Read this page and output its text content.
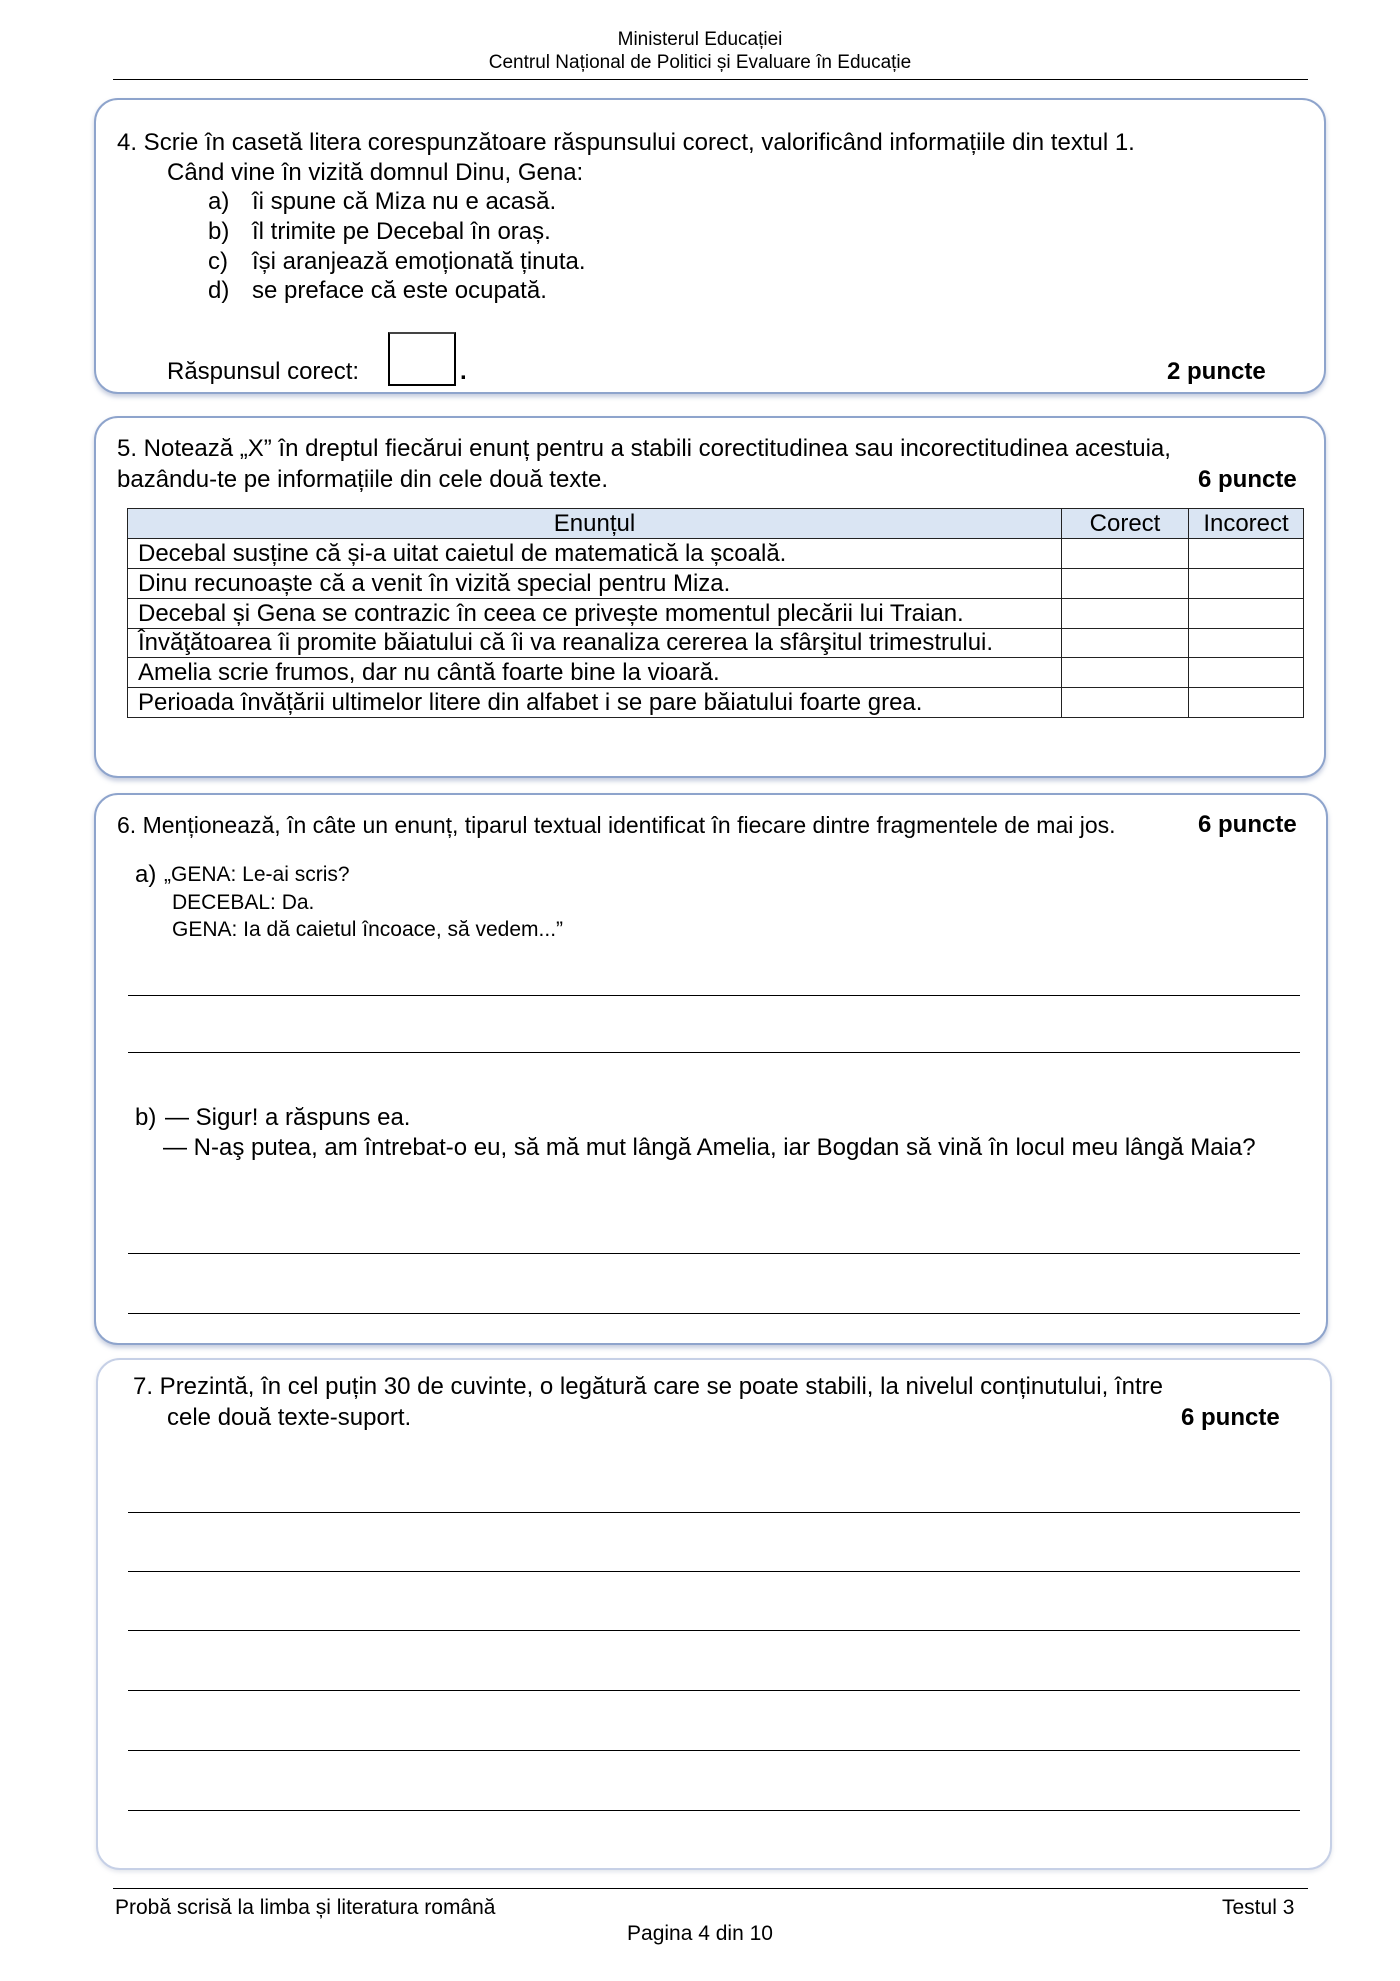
Ministerul Educației
Centrul Național de Politici și Evaluare în Educație
4. Scrie în casetă litera corespunzătoare răspunsului corect, valorificând informațiile din textul 1.
Când vine în vizită domnul Dinu, Gena:
a) îi spune că Miza nu e acasă.
b) îl trimite pe Decebal în oraș.
c) își aranjează emoționată ținuta.
d) se preface că este ocupată.
Răspunsul corect:	.	2 puncte
5. Notează „X” în dreptul fiecărui enunț pentru a stabili corectitudinea sau incorectitudinea acestuia,
bazându-te pe informațiile din cele două texte.	6 puncte
Enunțul	Corect	Incorect
Decebal susține că și-a uitat caietul de matematică la școală.		
Dinu recunoaște că a venit în vizită special pentru Miza.		
Decebal și Gena se contrazic în ceea ce privește momentul plecării lui Traian.		

Învăţătoarea îi promite băiatului că îi va reanaliza cererea la sfârşitul trimestrului.		

Amelia scrie frumos, dar nu cântă foarte bine la vioară.		
Perioada învățării ultimelor litere din alfabet i se pare băiatului foarte grea.		
6. Menționează, în câte un enunț, tiparul textual identificat în fiecare dintre fragmentele de mai jos.	6 puncte
a) „GENA: Le-ai scris?
DECEBAL: Da.
GENA: Ia dă caietul încoace, să vedem...”
b) — Sigur! a răspuns ea.
— N-aş putea, am întrebat-o eu, să mă mut lângă Amelia, iar Bogdan să vină în locul meu lângă Maia?
7. Prezintă, în cel puțin 30 de cuvinte, o legătură care se poate stabili, la nivelul conținutului, între
cele două texte-suport.	6 puncte
Probă scrisă la limba și literatura română	Testul 3
Pagina 4 din 10
